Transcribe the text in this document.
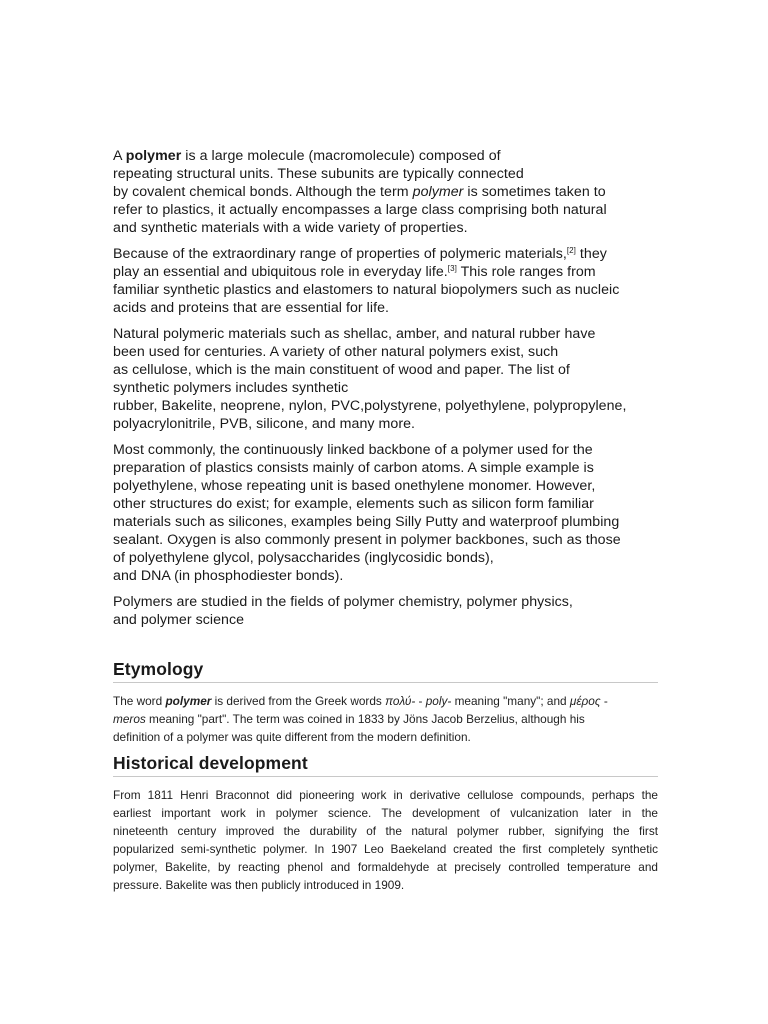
A polymer is a large molecule (macromolecule) composed of
repeating structural units. These subunits are typically connected
by covalent chemical bonds. Although the term polymer is sometimes taken to
refer to plastics, it actually encompasses a large class comprising both natural
and synthetic materials with a wide variety of properties.

Because of the extraordinary range of properties of polymeric materials,[2] they
play an essential and ubiquitous role in everyday life.[3] This role ranges from
familiar synthetic plastics and elastomers to natural biopolymers such as nucleic
acids and proteins that are essential for life.

Natural polymeric materials such as shellac, amber, and natural rubber have
been used for centuries. A variety of other natural polymers exist, such
as cellulose, which is the main constituent of wood and paper. The list of
synthetic polymers includes synthetic
rubber, Bakelite, neoprene, nylon, PVC,polystyrene, polyethylene, polypropylene,
polyacrylonitrile, PVB, silicone, and many more.

Most commonly, the continuously linked backbone of a polymer used for the
preparation of plastics consists mainly of carbon atoms. A simple example is
polyethylene, whose repeating unit is based onethylene monomer. However,
other structures do exist; for example, elements such as silicon form familiar
materials such as silicones, examples being Silly Putty and waterproof plumbing
sealant. Oxygen is also commonly present in polymer backbones, such as those
of polyethylene glycol, polysaccharides (inglycosidic bonds),
and DNA (in phosphodiester bonds).

Polymers are studied in the fields of polymer chemistry, polymer physics,
and polymer science

Etymology

The word polymer is derived from the Greek words πολύ- - poly- meaning "many"; and μέρος -
meros meaning "part". The term was coined in 1833 by Jöns Jacob Berzelius, although his
definition of a polymer was quite different from the modern definition.

Historical development
From 1811 Henri Braconnot did pioneering work in derivative cellulose compounds, perhaps the
earliest important work in polymer science. The development of vulcanization later in the
nineteenth century improved the durability of the natural polymer rubber, signifying the first
popularized semi-synthetic polymer. In 1907 Leo Baekeland created the first completely synthetic
polymer, Bakelite, by reacting phenol and formaldehyde at precisely controlled temperature and
pressure. Bakelite was then publicly introduced in 1909.
